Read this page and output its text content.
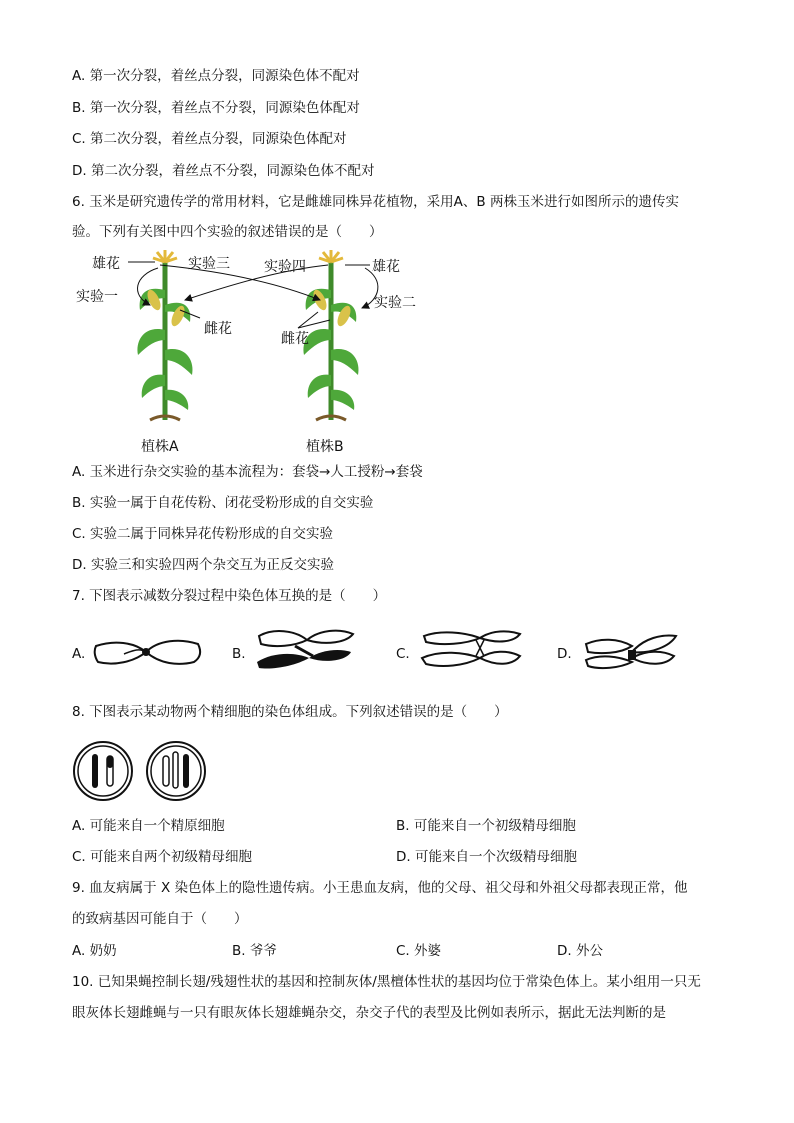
A. 第一次分裂，着丝点分裂，同源染色体不配对
B. 第一次分裂，着丝点不分裂，同源染色体配对
C. 第二次分裂，着丝点分裂，同源染色体配对
D. 第二次分裂，着丝点不分裂，同源染色体不配对
6. 玉米是研究遗传学的常用材料，它是雌雄同株异花植物，采用A、B 两株玉米进行如图所示的遗传实
验。下列有关图中四个实验的叙述错误的是（　　）
雄花	实验三 实验四	雄花
实验一	实验二
雌花
雌花
植株A	植株B
A. 玉米进行杂交实验的基本流程为：套袋→人工授粉→套袋
B. 实验一属于自花传粉、闭花受粉形成的自交实验
C. 实验二属于同株异花传粉形成的自交实验
D. 实验三和实验四两个杂交互为正反交实验
7. 下图表示减数分裂过程中染色体互换的是（　　）
A.	B.	C.	D.
8. 下图表示某动物两个精细胞的染色体组成。下列叙述错误的是（　　）
A. 可能来自一个精原细胞	B. 可能来自一个初级精母细胞
C. 可能来自两个初级精母细胞	D. 可能来自一个次级精母细胞
9. 血友病属于 X 染色体上的隐性遗传病。小王患血友病，他的父母、祖父母和外祖父母都表现正常，他
的致病基因可能自于（　　）
A. 奶奶	B. 爷爷	C. 外婆	D. 外公
10. 已知果蝇控制长翅/残翅性状的基因和控制灰体/黑檀体性状的基因均位于常染色体上。某小组用一只无
眼灰体长翅雌蝇与一只有眼灰体长翅雄蝇杂交，杂交子代的表型及比例如表所示，据此无法判断的是
